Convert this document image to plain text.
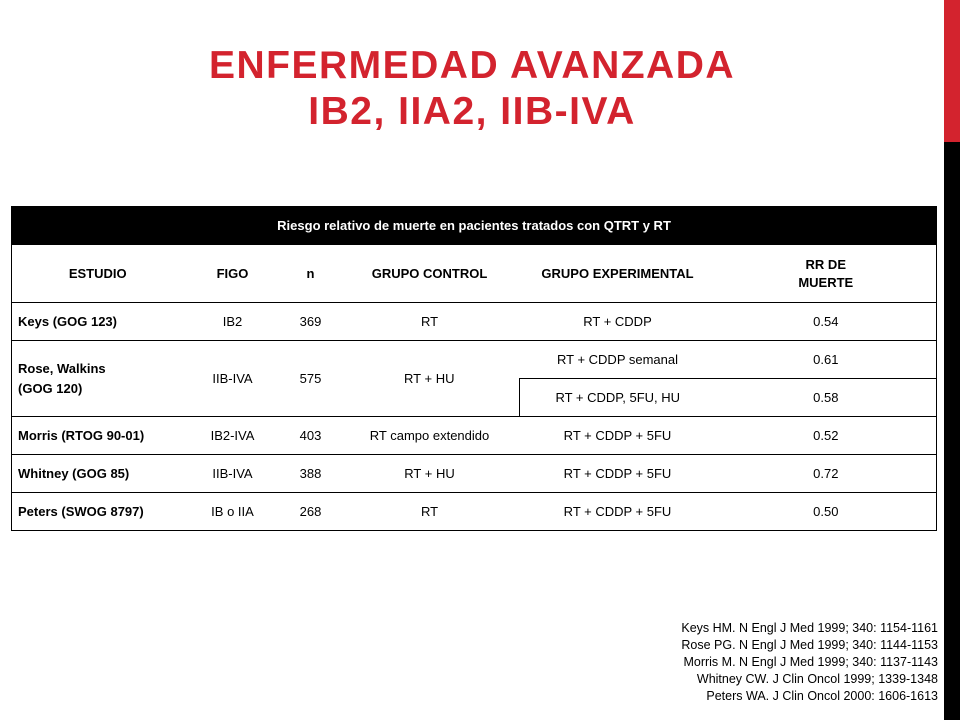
ENFERMEDAD AVANZADA
IB2, IIA2, IIB-IVA
Riesgo relativo de muerte en pacientes tratados con QTRT y RT					
ESTUDIO	FIGO	n	GRUPO CONTROL	GRUPO EXPERIMENTAL	RR DE
MUERTE
Keys (GOG 123)	IB2	369	RT	RT + CDDP	0.54
Rose, Walkins
(GOG 120)	IIB-IVA	575	RT + HU	RT + CDDP semanal	0.61
				RT + CDDP, 5FU, HU	0.58
Morris (RTOG 90-01)	IB2-IVA	403	RT campo extendido	RT + CDDP + 5FU	0.52
Whitney (GOG 85)	IIB-IVA	388	RT + HU	RT + CDDP + 5FU	0.72
Peters (SWOG 8797)	IB o IIA	268	RT	RT + CDDP + 5FU	0.50
Keys HM. N Engl J Med 1999; 340: 1154-1161
Rose PG. N Engl J Med 1999; 340: 1144-1153
Morris M. N Engl J Med 1999; 340: 1137-1143
Whitney CW. J Clin Oncol 1999; 1339-1348
Peters WA. J Clin Oncol 2000: 1606-1613
